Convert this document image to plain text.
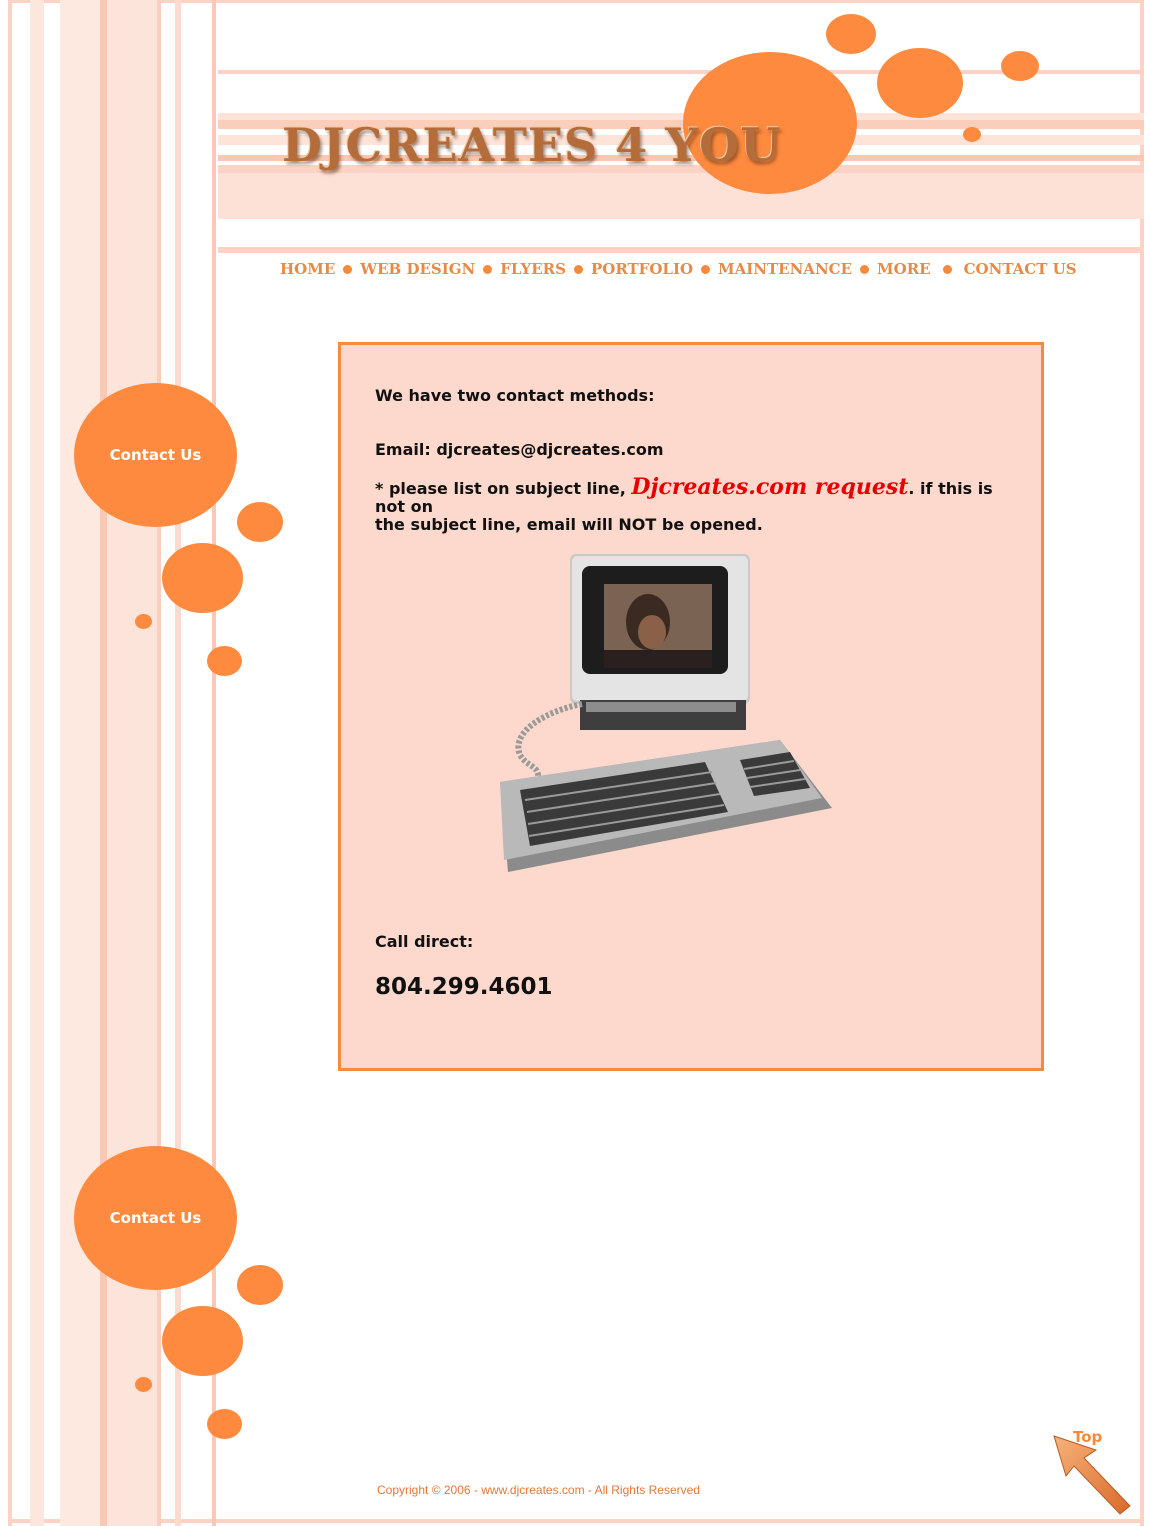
DJCREATES 4 YOU
HOME WEB DESIGN FLYERS PORTFOLIO MAINTENANCE MORE CONTACT US
Contact Us
Contact Us
We have two contact methods:
Email: djcreates@djcreates.com
* please list on subject line, Djcreates.com request. if this is not on
the subject line, email will NOT be opened.
Call direct:
804.299.4601
Copyright © 2006 - www.djcreates.com - All Rights Reserved
Top
